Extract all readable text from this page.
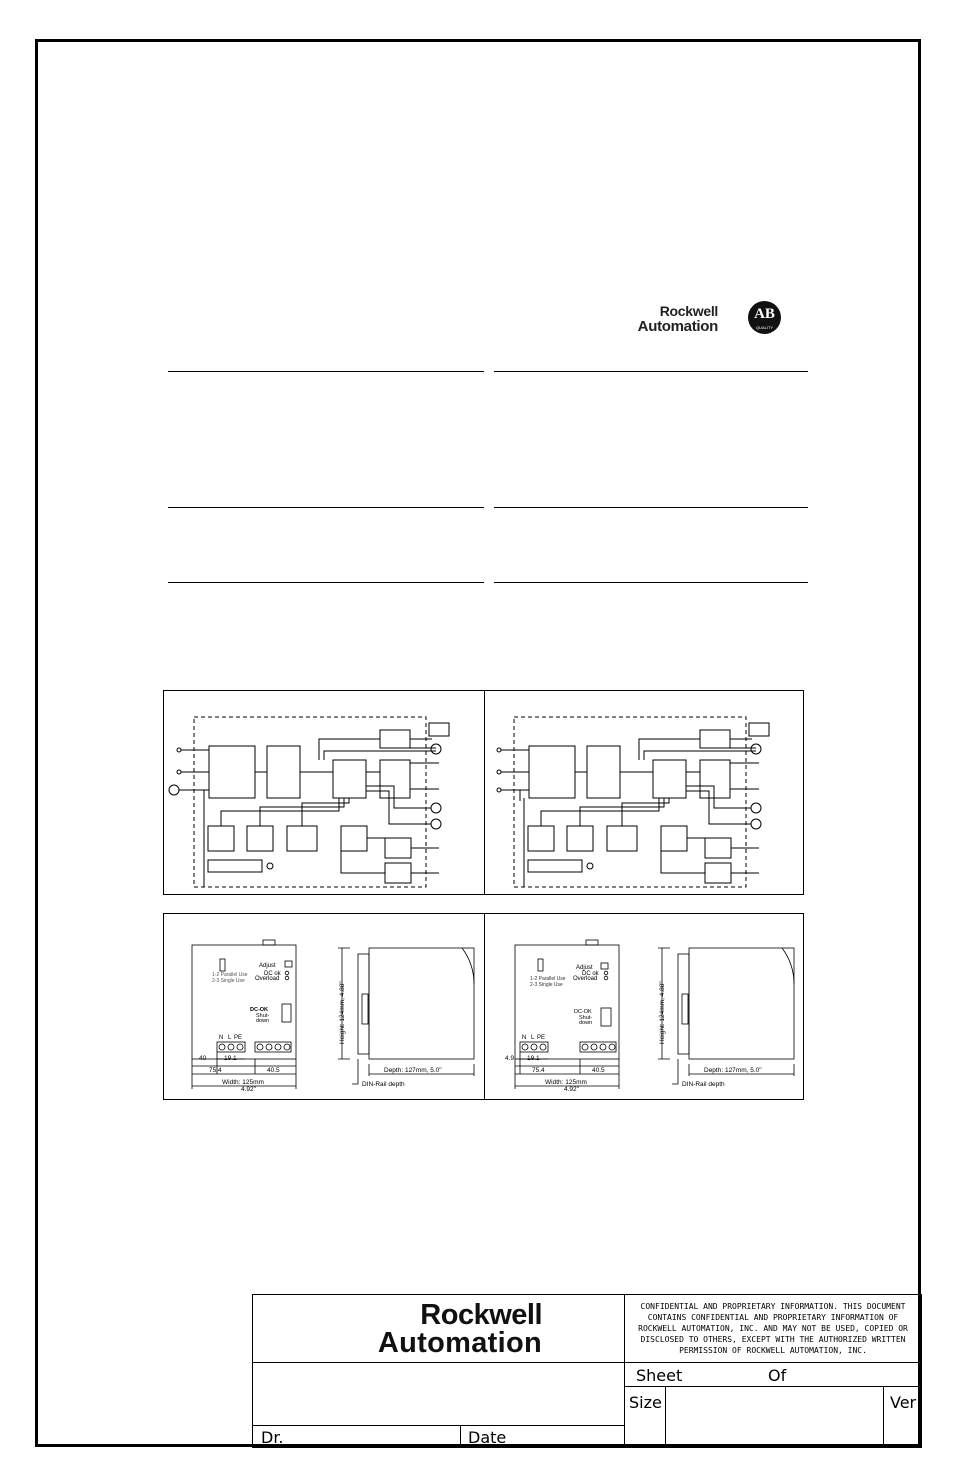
Rockwell
Automation
AB
QUALITY
1-2 Parallel Use
2-3 Single Use
Adjust
DC ok
Overload
DC-OK
Shut-
down
N L PE
40	19.1
75.4	40.5
Width: 125mm
4.92"
Height: 124mm, 4.88"
Depth: 127mm, 5.0"
DIN-Rail depth
1-2 Parallel Use
2-3 Single Use
Adjust
DC ok
Overload
DC-OK
Shut-
down
N L PE
4.9 19.1
75.4	40.5
Width: 125mm
4.92"
Height: 124mm, 4.88"
Depth: 127mm, 5.0"
DIN-Rail depth
Rockwell
Automation
CONFIDENTIAL AND PROPRIETARY INFORMATION. THIS DOCUMENT
CONTAINS CONFIDENTIAL AND PROPRIETARY INFORMATION OF
ROCKWELL AUTOMATION, INC. AND MAY NOT BE USED, COPIED OR
DISCLOSED TO OTHERS, EXCEPT WITH THE AUTHORIZED WRITTEN
PERMISSION OF ROCKWELL AUTOMATION, INC.
Sheet	Of
Size	Ver
Dr.	Date
